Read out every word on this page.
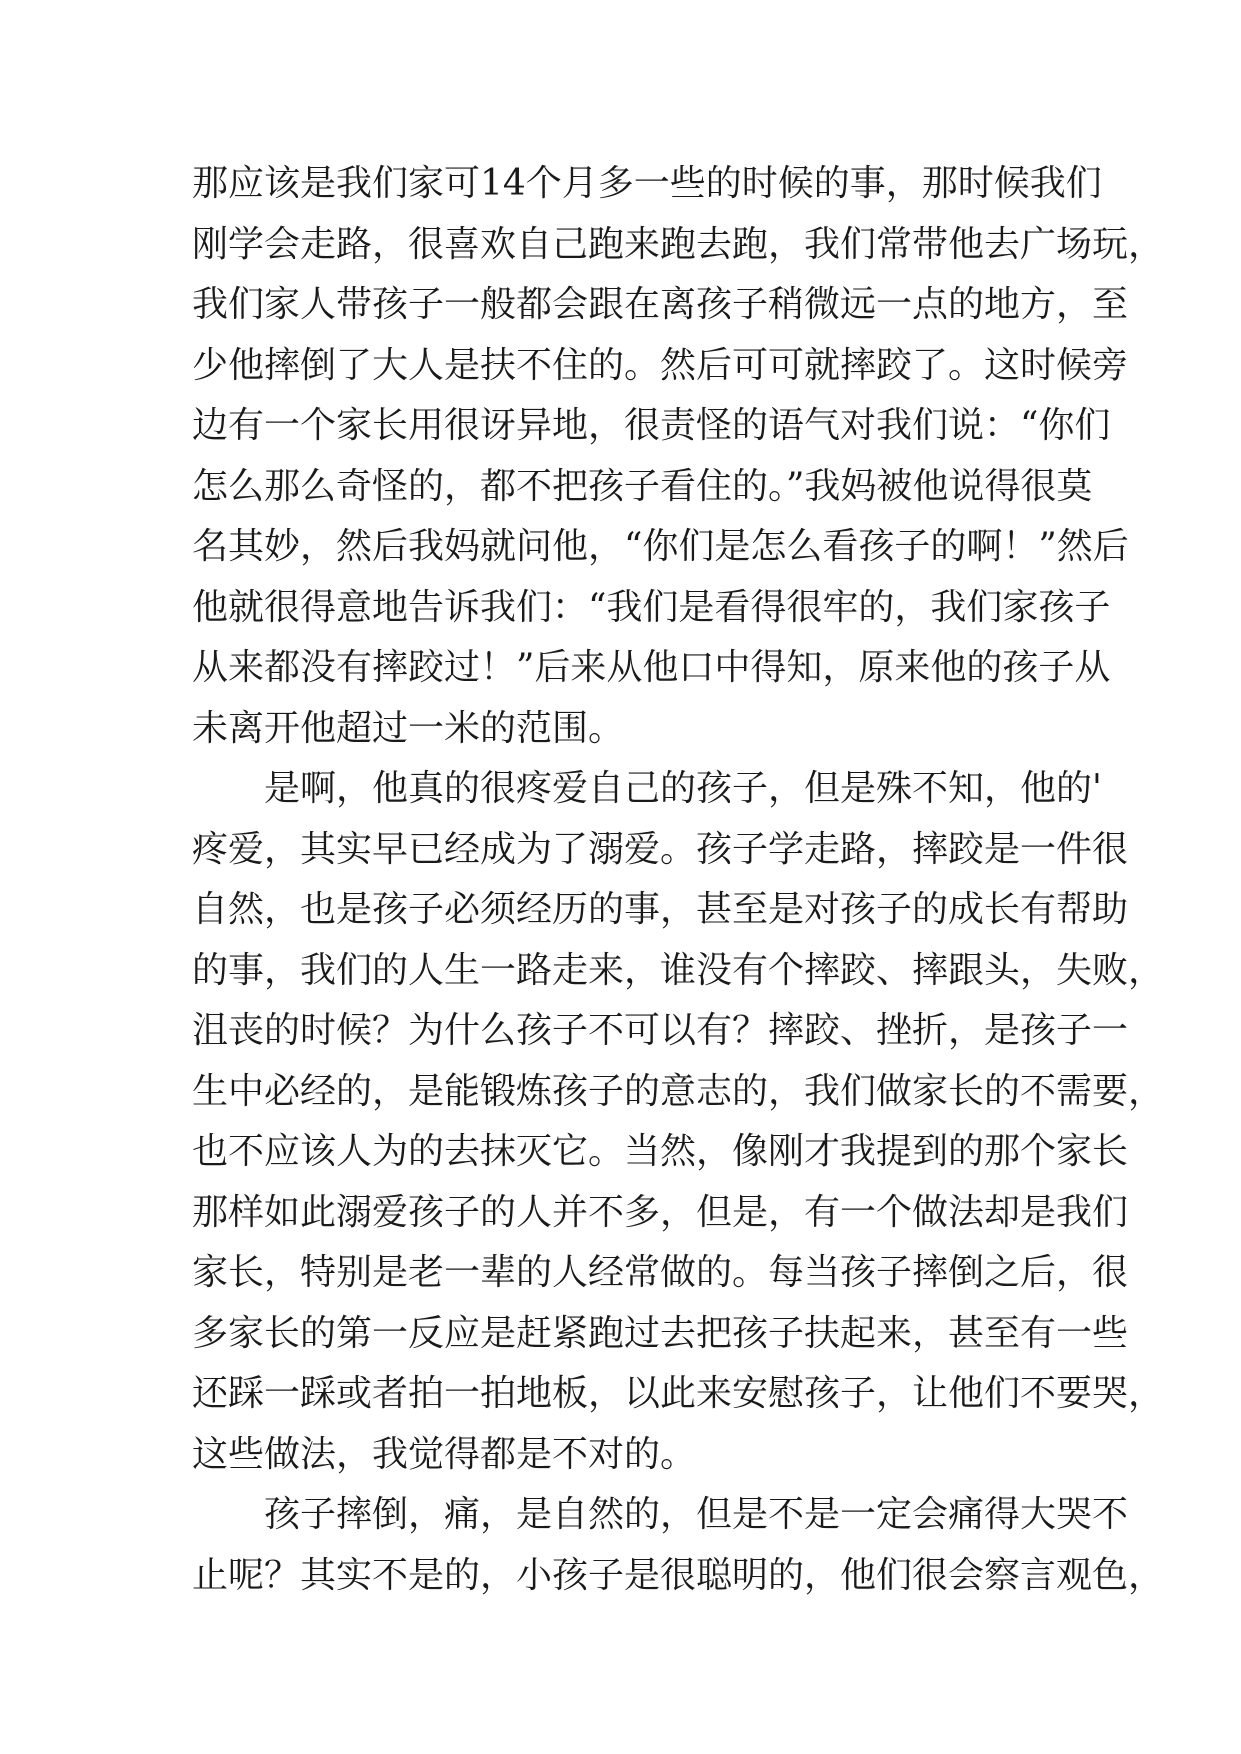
那应该是我们家可14个月多一些的时候的事，那时候我们
刚学会走路，很喜欢自己跑来跑去跑，我们常带他去广场玩，
我们家人带孩子一般都会跟在离孩子稍微远一点的地方，至
少他摔倒了大人是扶不住的。然后可可就摔跤了。这时候旁
边有一个家长用很讶异地，很责怪的语气对我们说：“你们
怎么那么奇怪的，都不把孩子看住的。”我妈被他说得很莫
名其妙，然后我妈就问他，“你们是怎么看孩子的啊！”然后
他就很得意地告诉我们：“我们是看得很牢的，我们家孩子
从来都没有摔跤过！”后来从他口中得知，原来他的孩子从
未离开他超过一米的范围。

是啊，他真的很疼爱自己的孩子，但是殊不知，他的'
疼爱，其实早已经成为了溺爱。孩子学走路，摔跤是一件很
自然，也是孩子必须经历的事，甚至是对孩子的成长有帮助
的事，我们的人生一路走来，谁没有个摔跤、摔跟头，失败，
沮丧的时候？为什么孩子不可以有？摔跤、挫折，是孩子一
生中必经的，是能锻炼孩子的意志的，我们做家长的不需要，
也不应该人为的去抹灭它。当然，像刚才我提到的那个家长
那样如此溺爱孩子的人并不多，但是，有一个做法却是我们
家长，特别是老一辈的人经常做的。每当孩子摔倒之后，很
多家长的第一反应是赶紧跑过去把孩子扶起来，甚至有一些
还踩一踩或者拍一拍地板，以此来安慰孩子，让他们不要哭，
这些做法，我觉得都是不对的。

孩子摔倒，痛，是自然的，但是不是一定会痛得大哭不
止呢？其实不是的，小孩子是很聪明的，他们很会察言观色，
